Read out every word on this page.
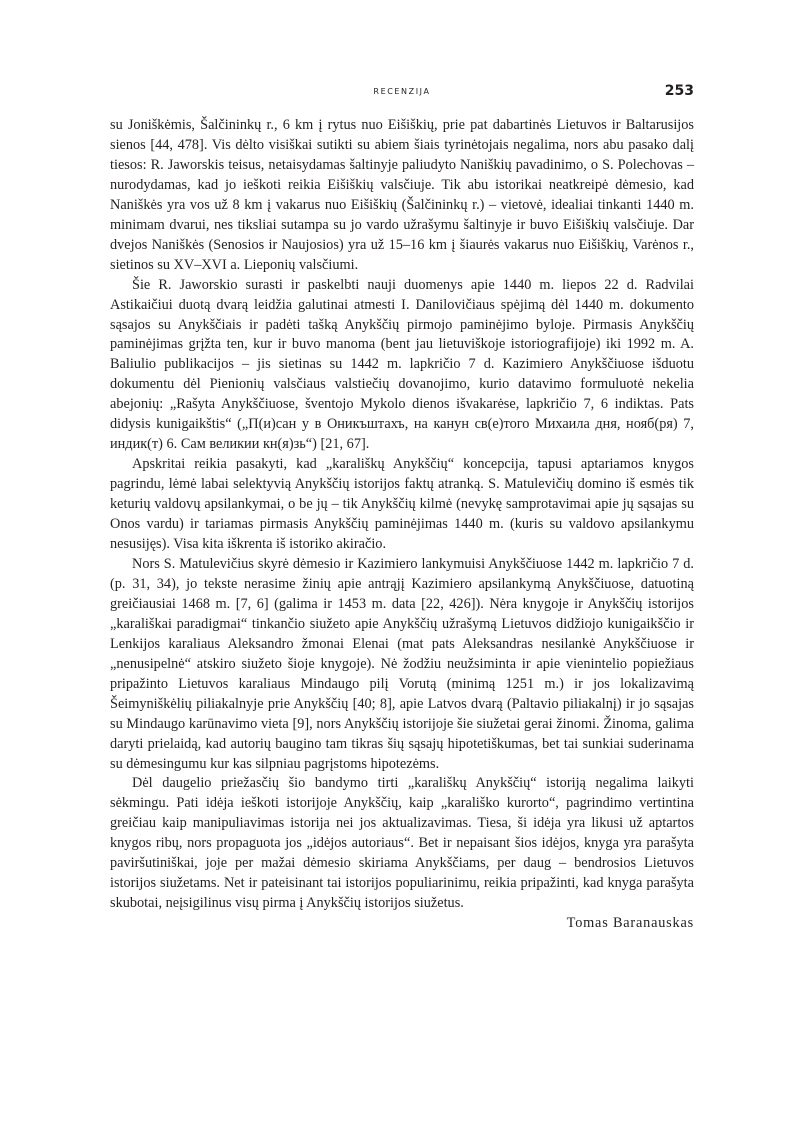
RECENZIJA	253

su Joniškėmis, Šalčininkų r., 6 km į rytus nuo Eišiškių, prie pat dabartinės Lietuvos ir Baltarusijos sienos [44, 478]. Vis dėlto visiškai sutikti su abiem šiais tyrinėtojais negalima, nors abu pasako dalį tiesos: R. Jaworskis teisus, netaisydamas šaltinyje paliudyto Naniškių pavadinimo, o S. Polechovas – nurodydamas, kad jo ieškoti reikia Eišiškių valsčiuje. Tik abu istorikai neatkreipė dėmesio, kad Naniškės yra vos už 8 km į vakarus nuo Eišiškių (Šalčininkų r.) – vietovė, idealiai tinkanti 1440 m. minimam dvarui, nes tiksliai sutampa su jo vardo užrašymu šaltinyje ir buvo Eišiškių valsčiuje. Dar dvejos Naniškės (Senosios ir Naujosios) yra už 15–16 km į šiaurės vakarus nuo Eišiškių, Varėnos r., sietinos su XV–XVI a. Lieponių valsčiumi.

Šie R. Jaworskio surasti ir paskelbti nauji duomenys apie 1440 m. liepos 22 d. Radvilai Astikaičiui duotą dvarą leidžia galutinai atmesti I. Danilovičiaus spėjimą dėl 1440 m. dokumento sąsajos su Anykščiais ir padėti tašką Anykščių pirmojo paminėjimo byloje. Pirmasis Anykščių paminėjimas grįžta ten, kur ir buvo manoma (bent jau lietuviškoje istoriografijoje) iki 1992 m. A. Baliulio publikacijos – jis sietinas su 1442 m. lapkričio 7 d. Kazimiero Anykščiuose išduotu dokumentu dėl Pienionių valsčiaus valstiečių dovanojimo, kurio datavimo formuluotė nekelia abejonių: „Rašyta Anykščiuose, šventojo Mykolo dienos išvakarėse, lapkričio 7, 6 indiktas. Pats didysis kunigaikštis“ („П(и)сан у в Оникъштахъ, на канун св(е)того Михаила дня, нояб(ря) 7, индик(т) 6. Сам великии кн(я)зь“) [21, 67].

Apskritai reikia pasakyti, kad „karališkų Anykščių“ koncepcija, tapusi aptariamos knygos pagrindu, lėmė labai selektyvią Anykščių istorijos faktų atranką. S. Matulevičių domino iš esmės tik keturių valdovų apsilankymai, o be jų – tik Anykščių kilmė (nevykę samprotavimai apie jų sąsajas su Onos vardu) ir tariamas pirmasis Anykščių paminėjimas 1440 m. (kuris su valdovo apsilankymu nesusijęs). Visa kita iškrenta iš istoriko akiračio.

Nors S. Matulevičius skyrė dėmesio ir Kazimiero lankymuisi Anykščiuose 1442 m. lapkričio 7 d. (p. 31, 34), jo tekste nerasime žinių apie antrąjį Kazimiero apsilankymą Anykščiuose, datuotiną greičiausiai 1468 m. [7, 6] (galima ir 1453 m. data [22, 426]). Nėra knygoje ir Anykščių istorijos „karališkai paradigmai“ tinkančio siužeto apie Anykščių užrašymą Lietuvos didžiojo kunigaikščio ir Lenkijos karaliaus Aleksandro žmonai Elenai (mat pats Aleksandras nesilankė Anykščiuose ir „nenusipelnė“ atskiro siužeto šioje knygoje). Nė žodžiu neužsiminta ir apie vienintelio popiežiaus pripažinto Lietuvos karaliaus Mindaugo pilį Vorutą (minimą 1251 m.) ir jos lokalizavimą Šeimyniškėlių piliakalnyje prie Anykščių [40; 8], apie Latvos dvarą (Paltavio piliakalnį) ir jo sąsajas su Mindaugo karūnavimo vieta [9], nors Anykščių istorijoje šie siužetai gerai žinomi. Žinoma, galima daryti prielaidą, kad autorių baugino tam tikras šių sąsajų hipotetiškumas, bet tai sunkiai suderinama su dėmesingumu kur kas silpniau pagrįstoms hipotezėms.

Dėl daugelio priežasčių šio bandymo tirti „karališkų Anykščių“ istoriją negalima laikyti sėkmingu. Pati idėja ieškoti istorijoje Anykščių, kaip „karališko kurorto“, pagrindimo vertintina greičiau kaip manipuliavimas istorija nei jos aktualizavimas. Tiesa, ši idėja yra likusi už aptartos knygos ribų, nors propaguota jos „idėjos autoriaus“. Bet ir nepaisant šios idėjos, knyga yra parašyta paviršutiniškai, joje per mažai dėmesio skiriama Anykščiams, per daug – bendrosios Lietuvos istorijos siužetams. Net ir pateisinant tai istorijos populiarinimu, reikia pripažinti, kad knyga parašyta skubotai, neįsigilinus visų pirma į Anykščių istorijos siužetus.

Tomas Baranauskas
